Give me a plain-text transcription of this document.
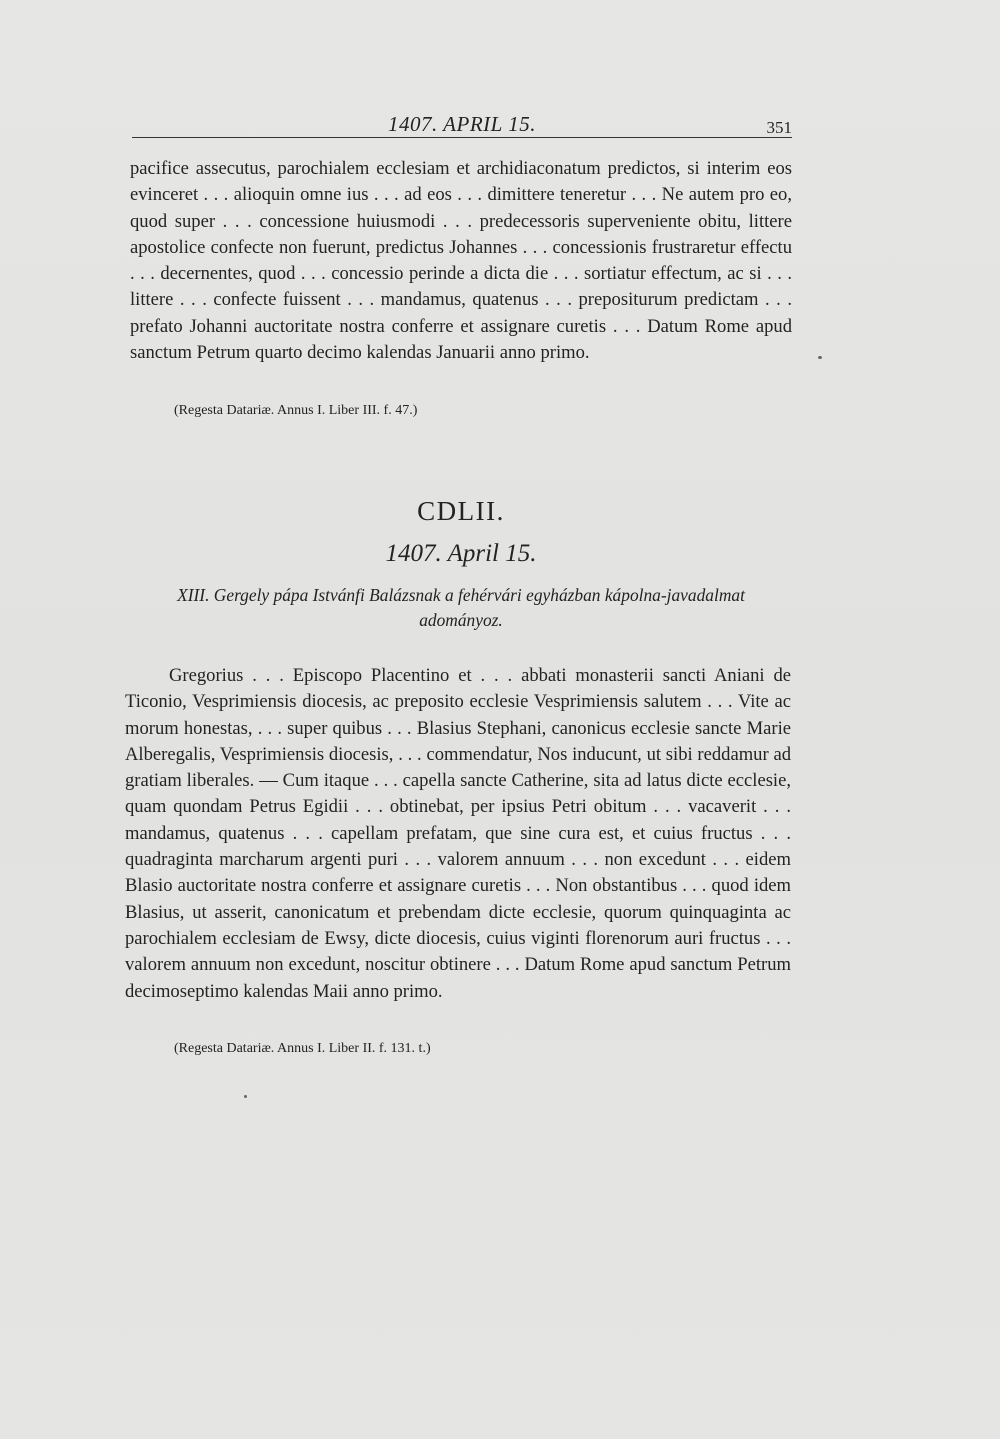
1407. APRIL 15.	351
pacifice assecutus, parochialem ecclesiam et archidiaconatum predictos, si interim eos evinceret . . . alioquin omne ius . . . ad eos . . . dimittere teneretur . . . Ne autem pro eo, quod super . . . concessione huiusmodi . . . predecessoris superveniente obitu, littere apostolice confecte non fuerunt, predictus Johannes . . . concessionis frustraretur effectu . . . decernentes, quod . . . concessio perinde a dicta die . . . sortiatur effectum, ac si . . . littere . . . confecte fuissent . . . mandamus, quatenus . . . prepositurum predictam . . . prefato Johanni auctoritate nostra conferre et assignare curetis . . . Datum Rome apud sanctum Petrum quarto decimo kalendas Januarii anno primo.
(Regesta Datariæ. Annus I. Liber III. f. 47.)
CDLII.
1407. April 15.
XIII. Gergely pápa Istvánfi Balázsnak a fehérvári egyházban kápolna-javadalmat
adományoz.
Gregorius . . . Episcopo Placentino et . . . abbati monasterii sancti Aniani de Ticonio, Vesprimiensis diocesis, ac preposito ecclesie Vesprimiensis salutem . . . Vite ac morum honestas, . . . super quibus . . . Blasius Stephani, canonicus ecclesie sancte Marie Alberegalis, Vesprimiensis diocesis, . . . commendatur, Nos inducunt, ut sibi reddamur ad gratiam liberales. — Cum itaque . . . capella sancte Catherine, sita ad latus dicte ecclesie, quam quondam Petrus Egidii . . . obtinebat, per ipsius Petri obitum . . . vacaverit . . . mandamus, quatenus . . . capellam prefatam, que sine cura est, et cuius fructus . . . quadraginta marcharum argenti puri . . . valorem annuum . . . non excedunt . . . eidem Blasio auctoritate nostra conferre et assignare curetis . . . Non obstantibus . . . quod idem Blasius, ut asserit, canonicatum et prebendam dicte ecclesie, quorum quinquaginta ac parochialem ecclesiam de Ewsy, dicte diocesis, cuius viginti florenorum auri fructus . . . valorem annuum non excedunt, noscitur obtinere . . . Datum Rome apud sanctum Petrum decimoseptimo kalendas Maii anno primo.
(Regesta Datariæ. Annus I. Liber II. f. 131. t.)
